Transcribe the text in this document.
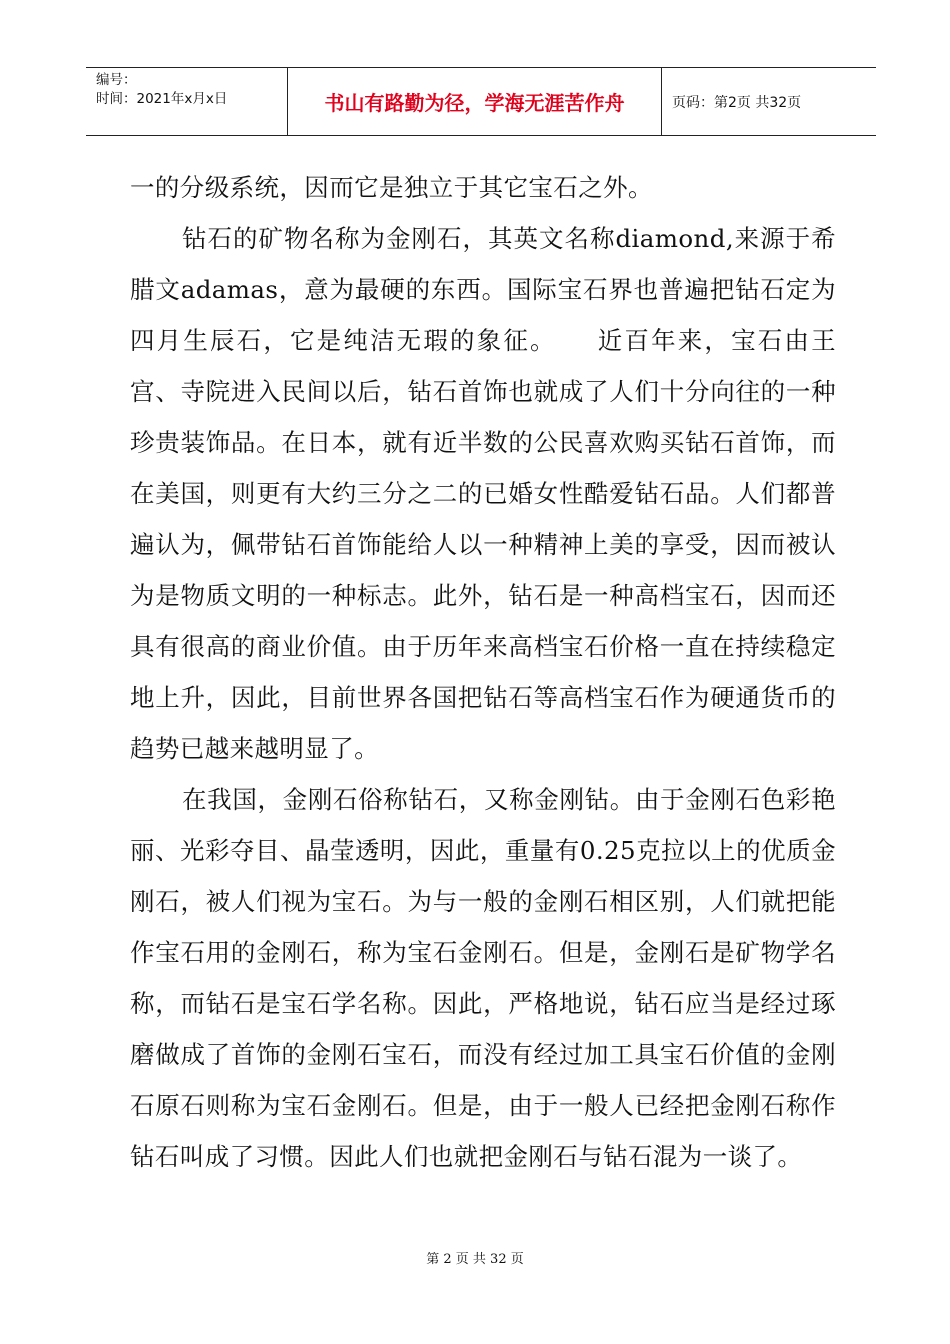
编号：
时间：2021年x月x日	书山有路勤为径，学海无涯苦作舟	页码：第2页 共32页

一的分级系统，因而它是独立于其它宝石之外。

钻石的矿物名称为金刚石，其英文名称diamond,来源于希腊文adamas，意为最硬的东西。国际宝石界也普遍把钻石定为四月生辰石，它是纯洁无瑕的象征。　　近百年来，宝石由王宫、寺院进入民间以后，钻石首饰也就成了人们十分向往的一种珍贵装饰品。在日本，就有近半数的公民喜欢购买钻石首饰，而在美国，则更有大约三分之二的已婚女性酷爱钻石品。人们都普遍认为，佩带钻石首饰能给人以一种精神上美的享受，因而被认为是物质文明的一种标志。此外，钻石是一种高档宝石，因而还具有很高的商业价值。由于历年来高档宝石价格一直在持续稳定地上升，因此，目前世界各国把钻石等高档宝石作为硬通货币的趋势已越来越明显了。

在我国，金刚石俗称钻石，又称金刚钻。由于金刚石色彩艳丽、光彩夺目、晶莹透明，因此，重量有0.25克拉以上的优质金刚石，被人们视为宝石。为与一般的金刚石相区别，人们就把能作宝石用的金刚石，称为宝石金刚石。但是，金刚石是矿物学名称，而钻石是宝石学名称。因此，严格地说，钻石应当是经过琢磨做成了首饰的金刚石宝石，而没有经过加工具宝石价值的金刚石原石则称为宝石金刚石。但是，由于一般人已经把金刚石称作钻石叫成了习惯。因此人们也就把金刚石与钻石混为一谈了。

第 2 页 共 32 页
